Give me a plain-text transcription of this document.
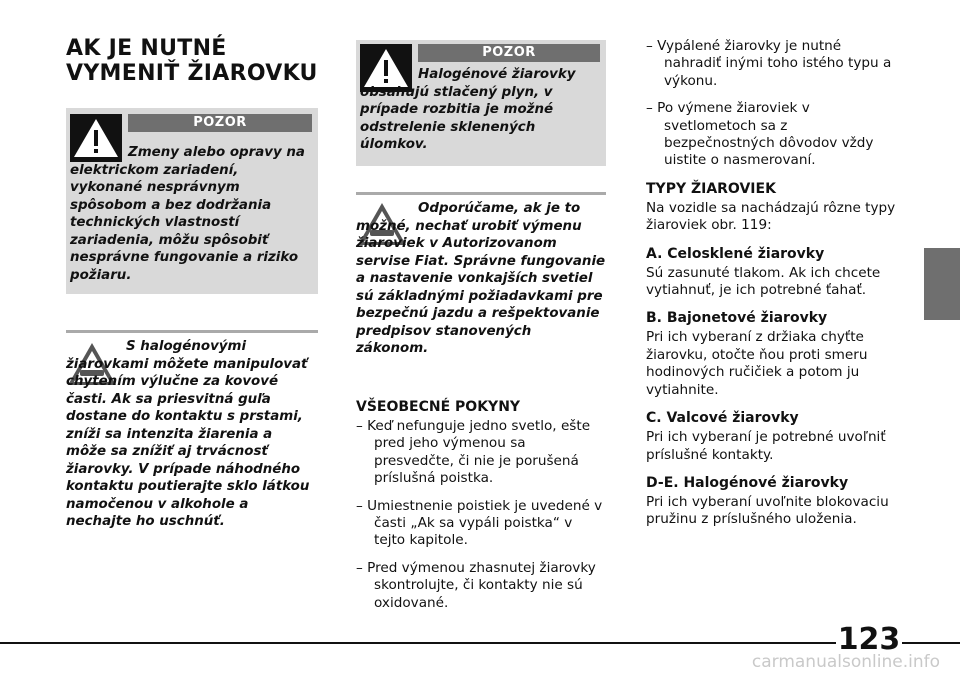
AK JE NUTNÉ VYMENIŤ ŽIAROVKU
POZOR
Zmeny alebo opravy na elektrickom zariadení, vykonané nesprávnym spôsobom a bez dodržania technických vlastností zariadenia, môžu spôsobiť nesprávne fungovanie a riziko požiaru.
S halogénovými žiarovkami môžete manipulovať chytením výlučne za kovové časti. Ak sa priesvitná guľa dostane do kontaktu s prstami, zníži sa intenzita žiarenia a môže sa znížiť aj trvácnosť žiarovky. V prípade náhodného kontaktu poutierajte sklo látkou namočenou v alkohole a nechajte ho uschnúť.
POZOR
Halogénové žiarovky obsahujú stlačený plyn, v prípade rozbitia je možné odstrelenie sklenených úlomkov.
Odporúčame, ak je to možné, nechať urobiť výmenu žiaroviek v Autorizovanom servise Fiat. Správne fungovanie a nastavenie vonkajších svetiel sú základnými požiadavkami pre bezpečnú jazdu a rešpektovanie predpisov stanovených zákonom.
VŠEOBECNÉ POKYNY
– Keď nefunguje jedno svetlo, ešte pred jeho výmenou sa presvedčte, či nie je porušená príslušná poistka.
– Umiestnenie poistiek je uvedené v časti „Ak sa vypáli poistka“ v tejto kapitole.
– Pred výmenou zhasnutej žiarovky skontrolujte, či kontakty nie sú oxidované.
– Vypálené žiarovky je nutné nahradiť inými toho istého typu a výkonu.
– Po výmene žiaroviek v svetlometoch sa z bezpečnostných dôvodov vždy uistite o nasmerovaní.
TYPY ŽIAROVIEK
Na vozidle sa nachádzajú rôzne typy žiaroviek obr. 119:
A. Celosklené žiarovky
Sú zasunuté tlakom. Ak ich chcete vytiahnuť, je ich potrebné ťahať.
B. Bajonetové žiarovky
Pri ich vyberaní z držiaka chyťte žiarovku, otočte ňou proti smeru hodinových ručičiek a potom ju vytiahnite.
C. Valcové žiarovky
Pri ich vyberaní je potrebné uvoľniť príslušné kontakty.
D-E. Halogénové žiarovky
Pri ich vyberaní uvoľnite blokovaciu pružinu z príslušného uloženia.
123
carmanualsonline.info
